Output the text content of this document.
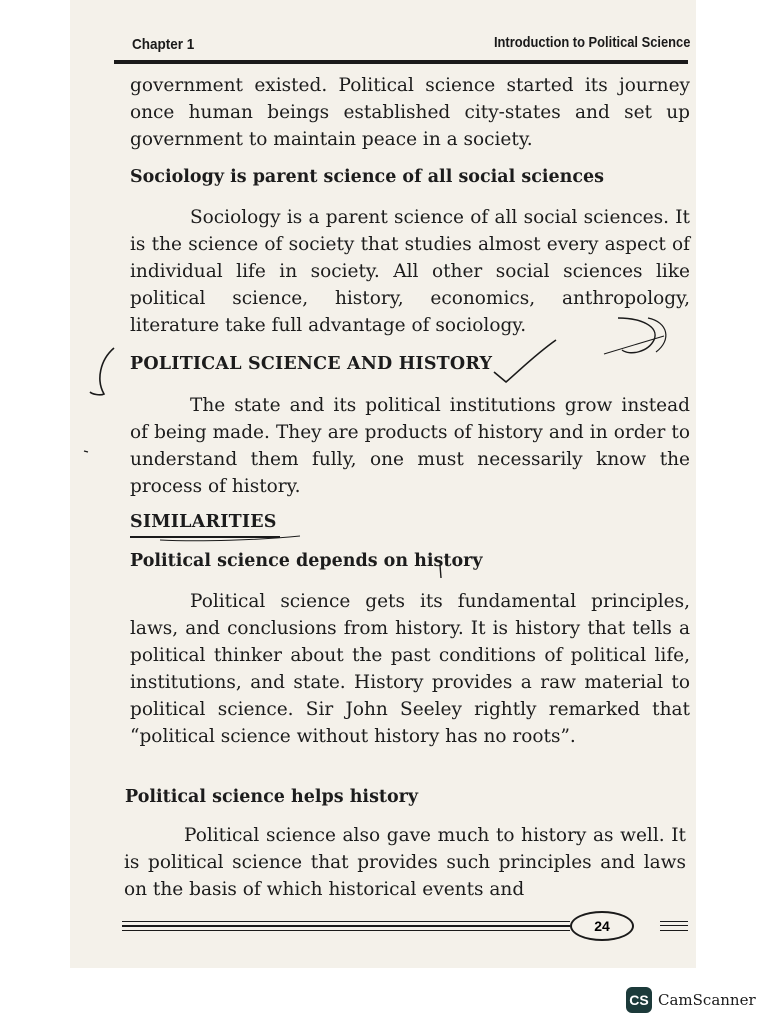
Chapter 1	Introduction to Political Science

government existed. Political science started its journey once human beings established city-states and set up government to maintain peace in a society.

Sociology is parent science of all social sciences

Sociology is a parent science of all social sciences. It is the science of society that studies almost every aspect of individual life in society. All other social sciences like political science, history, economics, anthropology, literature take full advantage of sociology.

POLITICAL SCIENCE AND HISTORY

The state and its political institutions grow instead of being made. They are products of history and in order to understand them fully, one must necessarily know the process of history.

SIMILARITIES

Political science depends on history

Political science gets its fundamental principles, laws, and conclusions from history. It is history that tells a political thinker about the past conditions of political life, institutions, and state. History provides a raw material to political science. Sir John Seeley rightly remarked that “political science without history has no roots”.

Political science helps history

Political science also gave much to history as well. It is political science that provides such principles and laws on the basis of which historical events and

24
CS CamScanner
